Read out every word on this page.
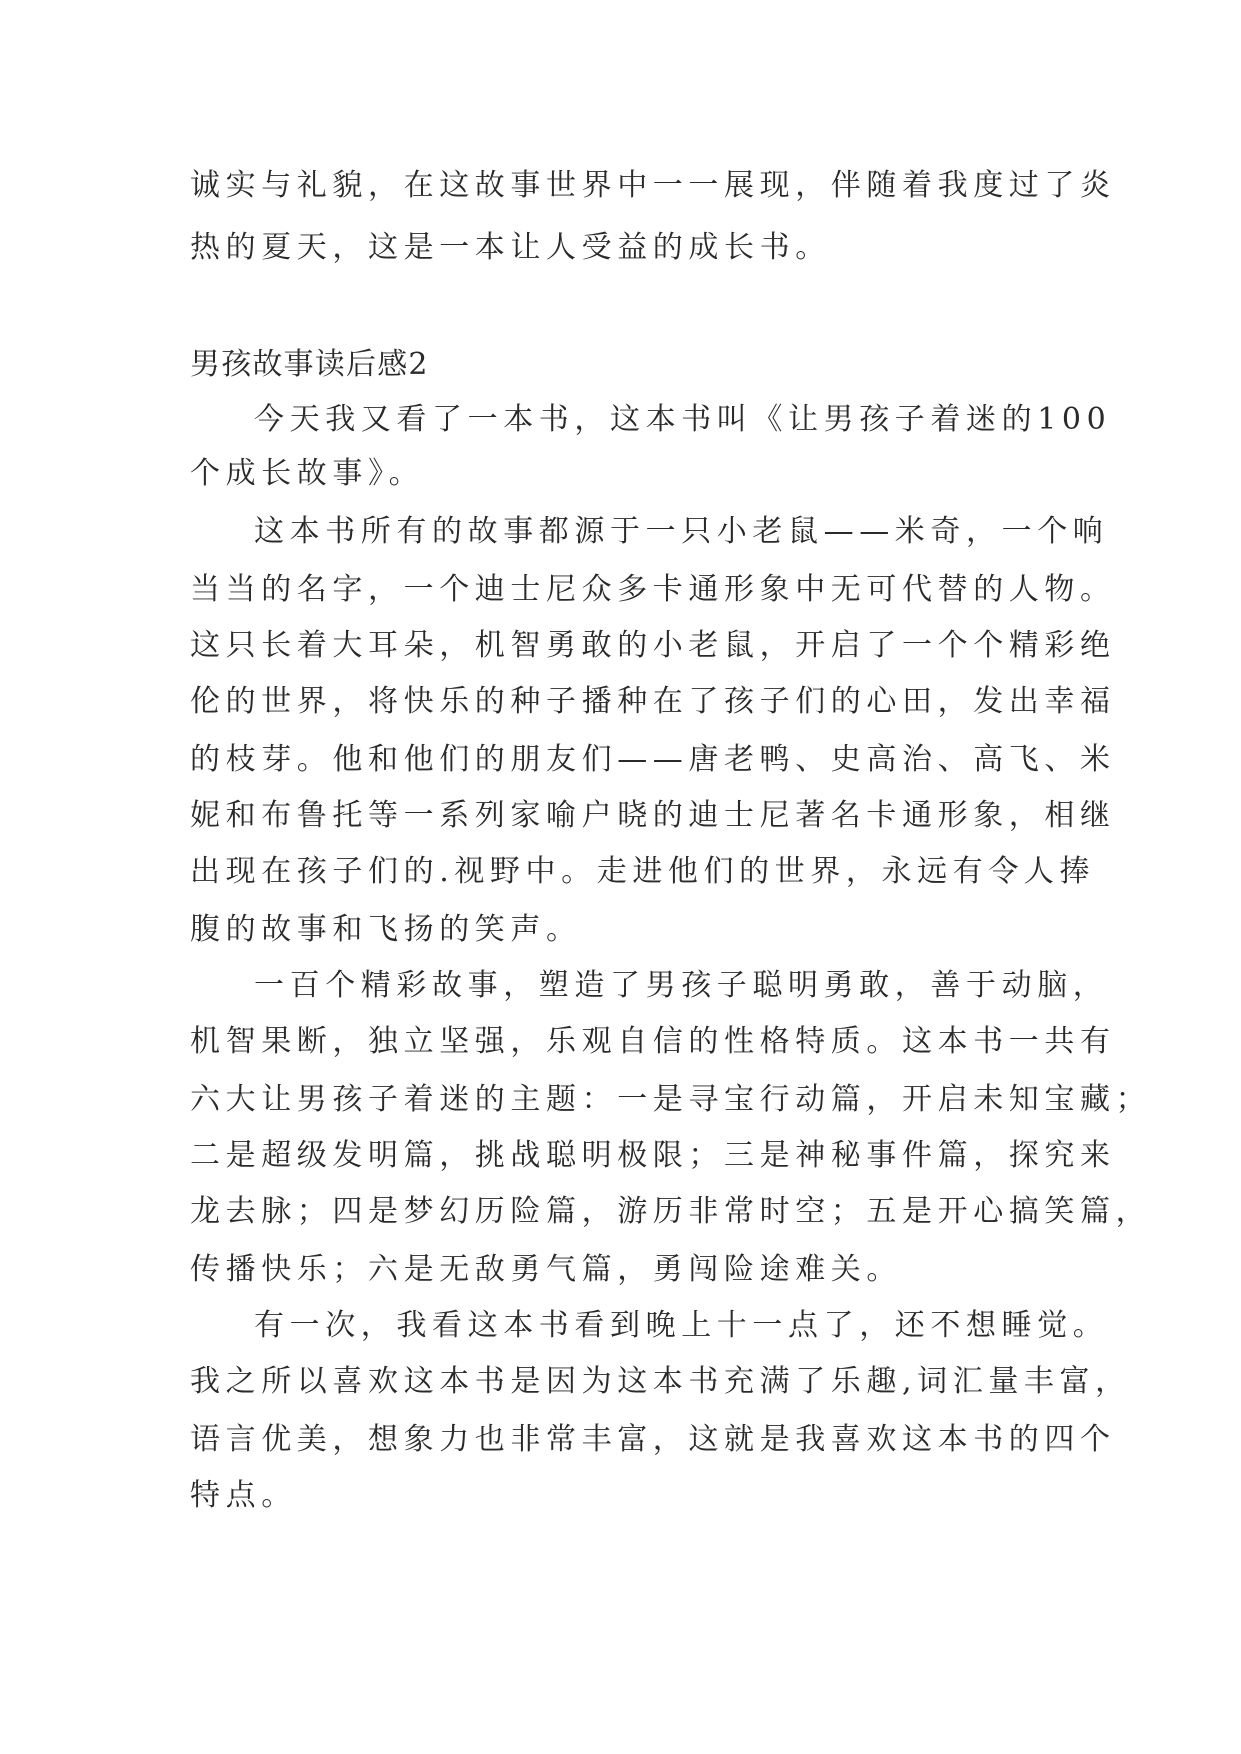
诚实与礼貌，在这故事世界中一一展现，伴随着我度过了炎

热的夏天，这是一本让人受益的成长书。

男孩故事读后感2

今天我又看了一本书，这本书叫《让男孩子着迷的100

个成长故事》。

这本书所有的故事都源于一只小老鼠——米奇，一个响

当当的名字，一个迪士尼众多卡通形象中无可代替的人物。

这只长着大耳朵，机智勇敢的小老鼠，开启了一个个精彩绝

伦的世界，将快乐的种子播种在了孩子们的心田，发出幸福

的枝芽。他和他们的朋友们——唐老鸭、史高治、高飞、米

妮和布鲁托等一系列家喻户晓的迪士尼著名卡通形象，相继

出现在孩子们的.视野中。走进他们的世界，永远有令人捧

腹的故事和飞扬的笑声。

一百个精彩故事，塑造了男孩子聪明勇敢，善于动脑，

机智果断，独立坚强，乐观自信的性格特质。这本书一共有

六大让男孩子着迷的主题：一是寻宝行动篇，开启未知宝藏；

二是超级发明篇，挑战聪明极限；三是神秘事件篇，探究来

龙去脉；四是梦幻历险篇，游历非常时空；五是开心搞笑篇，

传播快乐；六是无敌勇气篇，勇闯险途难关。

有一次，我看这本书看到晚上十一点了，还不想睡觉。

我之所以喜欢这本书是因为这本书充满了乐趣,词汇量丰富，

语言优美，想象力也非常丰富，这就是我喜欢这本书的四个

特点。
